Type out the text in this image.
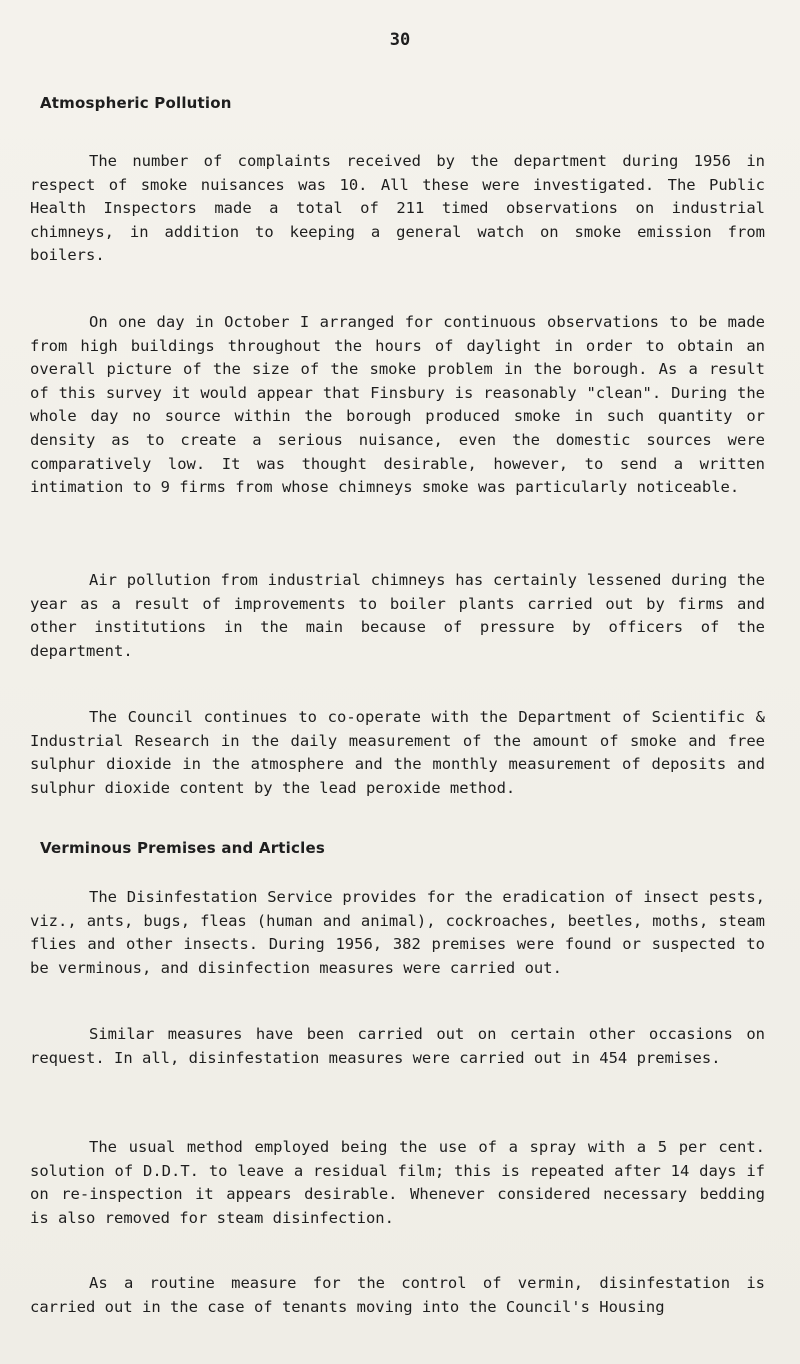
30
Atmospheric Pollution

The number of complaints received by the department during 1956 in respect of smoke nuisances was 10. All these were investigated. The Public Health Inspectors made a total of 211 timed observations on industrial chimneys, in addition to keeping a general watch on smoke emission from boilers.

On one day in October I arranged for continuous observations to be made from high buildings throughout the hours of daylight in order to obtain an overall picture of the size of the smoke problem in the borough. As a result of this survey it would appear that Finsbury is reasonably "clean". During the whole day no source within the borough produced smoke in such quantity or density as to create a serious nuisance, even the domestic sources were comparatively low. It was thought desirable, however, to send a written intimation to 9 firms from whose chimneys smoke was particularly noticeable.

Air pollution from industrial chimneys has certainly lessened during the year as a result of improvements to boiler plants carried out by firms and other institutions in the main because of pressure by officers of the department.

The Council continues to co-operate with the Department of Scientific & Industrial Research in the daily measurement of the amount of smoke and free sulphur dioxide in the atmosphere and the monthly measurement of deposits and sulphur dioxide content by the lead peroxide method.

Verminous Premises and Articles

The Disinfestation Service provides for the eradication of insect pests, viz., ants, bugs, fleas (human and animal), cockroaches, beetles, moths, steam flies and other insects. During 1956, 382 premises were found or suspected to be verminous, and disinfection measures were carried out.

Similar measures have been carried out on certain other occasions on request. In all, disinfestation measures were carried out in 454 premises.

The usual method employed being the use of a spray with a 5 per cent. solution of D.D.T. to leave a residual film; this is repeated after 14 days if on re-inspection it appears desirable. Whenever considered necessary bedding is also removed for steam disinfection.

As a routine measure for the control of vermin, disinfestation is carried out in the case of tenants moving into the Council's Housing
